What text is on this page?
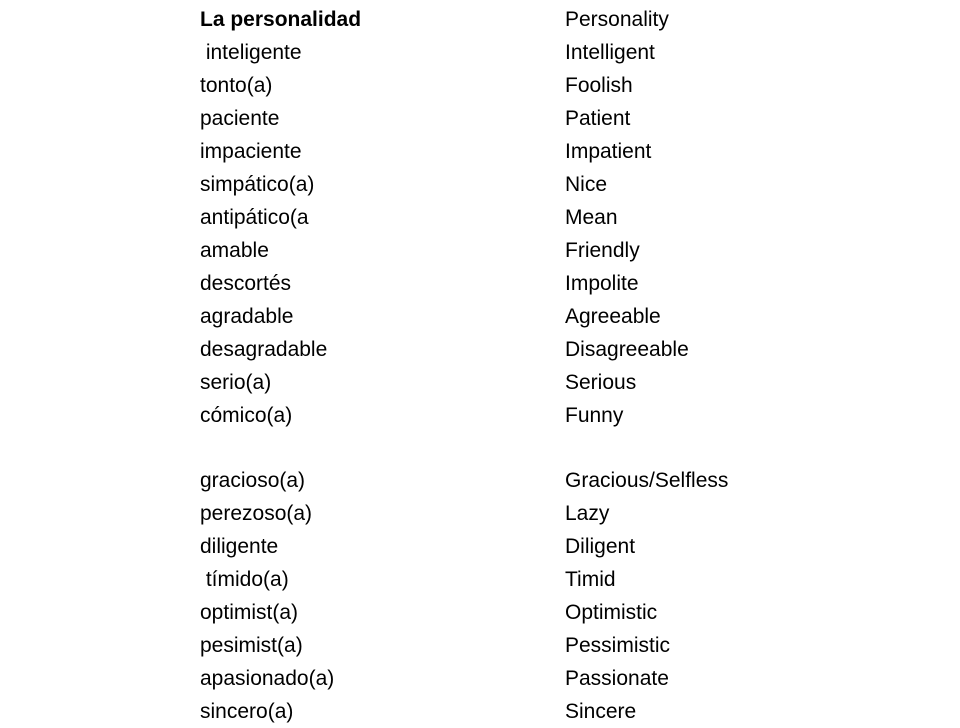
La personalidad	Personality
inteligente	Intelligent
tonto(a)	Foolish
paciente	Patient
impaciente	Impatient
simpático(a)	Nice
antipático(a	Mean
amable	Friendly
descortés	Impolite
agradable	Agreeable
desagradable	Disagreeable
serio(a)	Serious
cómico(a)	Funny
gracioso(a)	Gracious/Selfless
perezoso(a)	Lazy
diligente	Diligent
tímido(a)	Timid
optimist(a)	Optimistic
pesimist(a)	Pessimistic
apasionado(a)	Passionate
sincero(a)	Sincere
